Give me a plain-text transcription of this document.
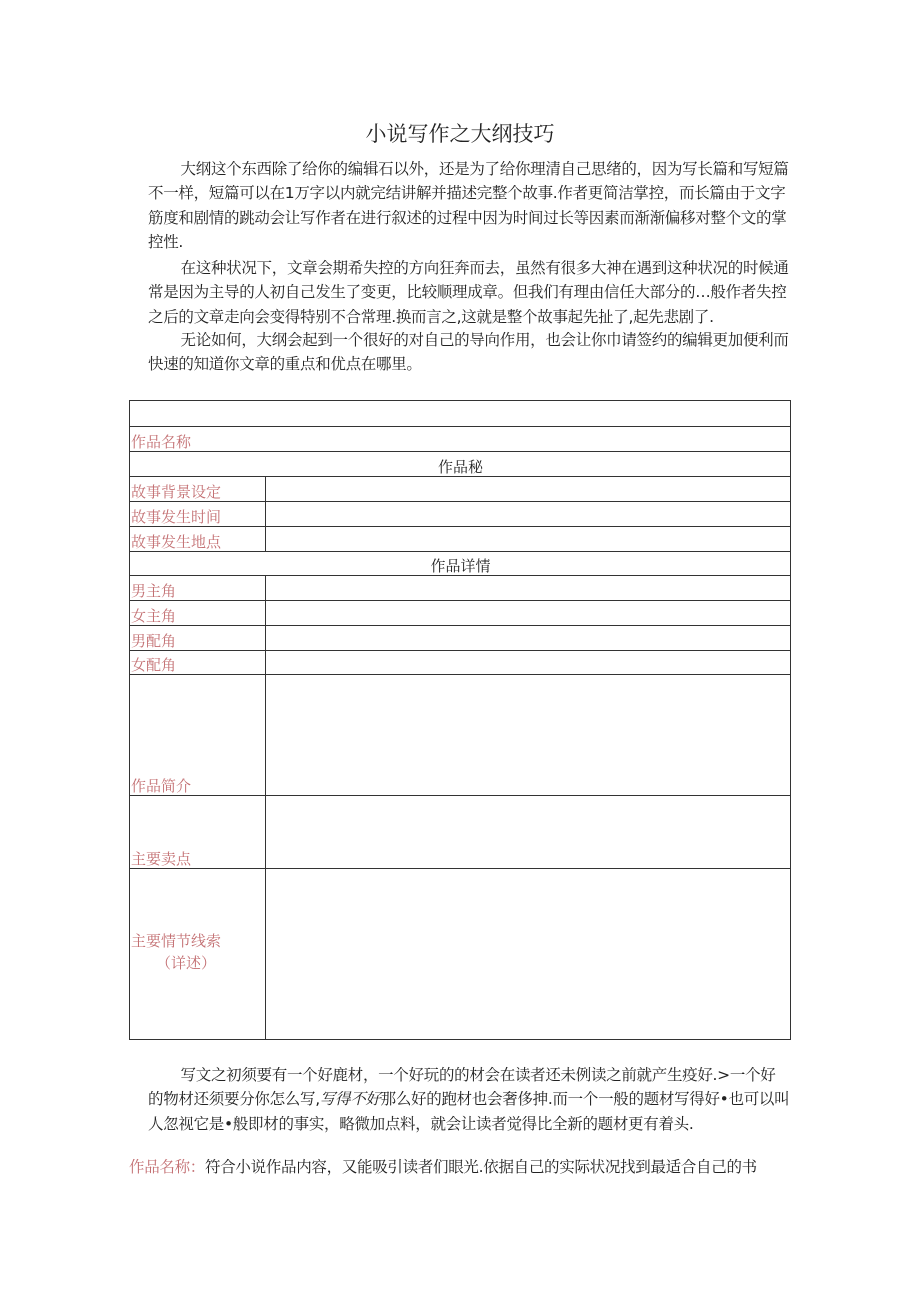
小说写作之大纲技巧

大纲这个东西除了给你的编辑石以外，还是为了给你理清自己思绪的，因为写长篇和写短篇不一样，短篇可以在1万字以内就完结讲解并描述完整个故事.作者更简洁掌控，而长篇由于文字筋度和剧情的跳动会让写作者在进行叙述的过程中因为时间过长等因素而渐渐偏移对整个文的掌控性.

在这种状况下，文章会期希失控的方向狂奔而去，虽然有很多大神在遇到这种状况的时候通常是因为主导的人初自己发生了变更，比较顺理成章。但我们有理由信任大部分的…般作者失控之后的文章走向会变得特别不合常理.换而言之,这就是整个故事起先扯了,起先悲剧了.

无论如何，大纲会起到一个很好的对自己的导向作用，也会让你巾请签约的编辑更加便利而快速的知道你文章的重点和优点在哪里。

作品名称	
作品秘	
故事背景设定	
故事发生时间	
故事发生地点	
作品详情	
男主角	
女主角	
男配角	
女配角	
作品简介	
主要卖点	
主要情节线索
（详述）	

写文之初须要有一个好鹿材，一个好玩的的材会在读者还未例读之前就产生疫好.>一个好的物材还须要分你怎么写,写得不好那么好的跑材也会奢侈抻.而一个一般的题材写得好•也可以叫人忽视它是•般即材的事实，略微加点料，就会让读者觉得比全新的题材更有着头.

作品名称：符合小说作品内容，又能吸引读者们眼光.依据自己的实际状况找到最适合自己的书
